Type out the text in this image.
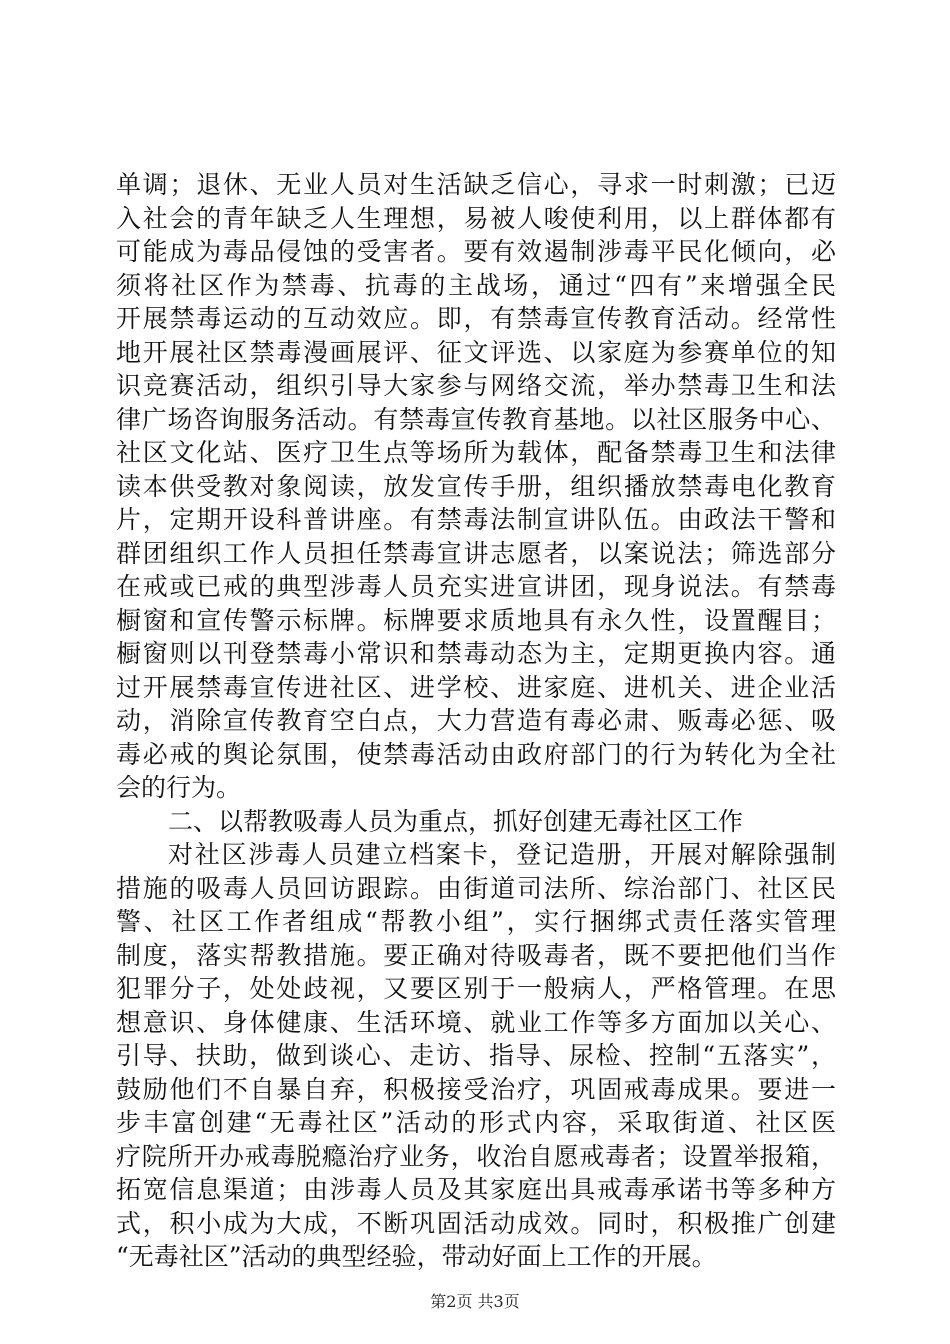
单调；退休、无业人员对生活缺乏信心，寻求一时刺激；已迈
入社会的青年缺乏人生理想，易被人唆使利用，以上群体都有
可能成为毒品侵蚀的受害者。要有效遏制涉毒平民化倾向，必
须将社区作为禁毒、抗毒的主战场，通过“四有”来增强全民
开展禁毒运动的互动效应。即，有禁毒宣传教育活动。经常性
地开展社区禁毒漫画展评、征文评选、以家庭为参赛单位的知
识竞赛活动，组织引导大家参与网络交流，举办禁毒卫生和法
律广场咨询服务活动。有禁毒宣传教育基地。以社区服务中心、
社区文化站、医疗卫生点等场所为载体，配备禁毒卫生和法律
读本供受教对象阅读，放发宣传手册，组织播放禁毒电化教育
片，定期开设科普讲座。有禁毒法制宣讲队伍。由政法干警和
群团组织工作人员担任禁毒宣讲志愿者，以案说法；筛选部分
在戒或已戒的典型涉毒人员充实进宣讲团，现身说法。有禁毒
橱窗和宣传警示标牌。标牌要求质地具有永久性，设置醒目；
橱窗则以刊登禁毒小常识和禁毒动态为主，定期更换内容。通
过开展禁毒宣传进社区、进学校、进家庭、进机关、进企业活
动，消除宣传教育空白点，大力营造有毒必肃、贩毒必惩、吸
毒必戒的舆论氛围，使禁毒活动由政府部门的行为转化为全社
会的行为。
二、以帮教吸毒人员为重点，抓好创建无毒社区工作
对社区涉毒人员建立档案卡，登记造册，开展对解除强制
措施的吸毒人员回访跟踪。由街道司法所、综治部门、社区民
警、社区工作者组成“帮教小组”，实行捆绑式责任落实管理
制度，落实帮教措施。要正确对待吸毒者，既不要把他们当作
犯罪分子，处处歧视，又要区别于一般病人，严格管理。在思
想意识、身体健康、生活环境、就业工作等多方面加以关心、
引导、扶助，做到谈心、走访、指导、尿检、控制“五落实”，
鼓励他们不自暴自弃，积极接受治疗，巩固戒毒成果。要进一
步丰富创建“无毒社区”活动的形式内容，采取街道、社区医
疗院所开办戒毒脱瘾治疗业务，收治自愿戒毒者；设置举报箱，
拓宽信息渠道；由涉毒人员及其家庭出具戒毒承诺书等多种方
式，积小成为大成，不断巩固活动成效。同时，积极推广创建
“无毒社区”活动的典型经验，带动好面上工作的开展。
第2页 共3页
